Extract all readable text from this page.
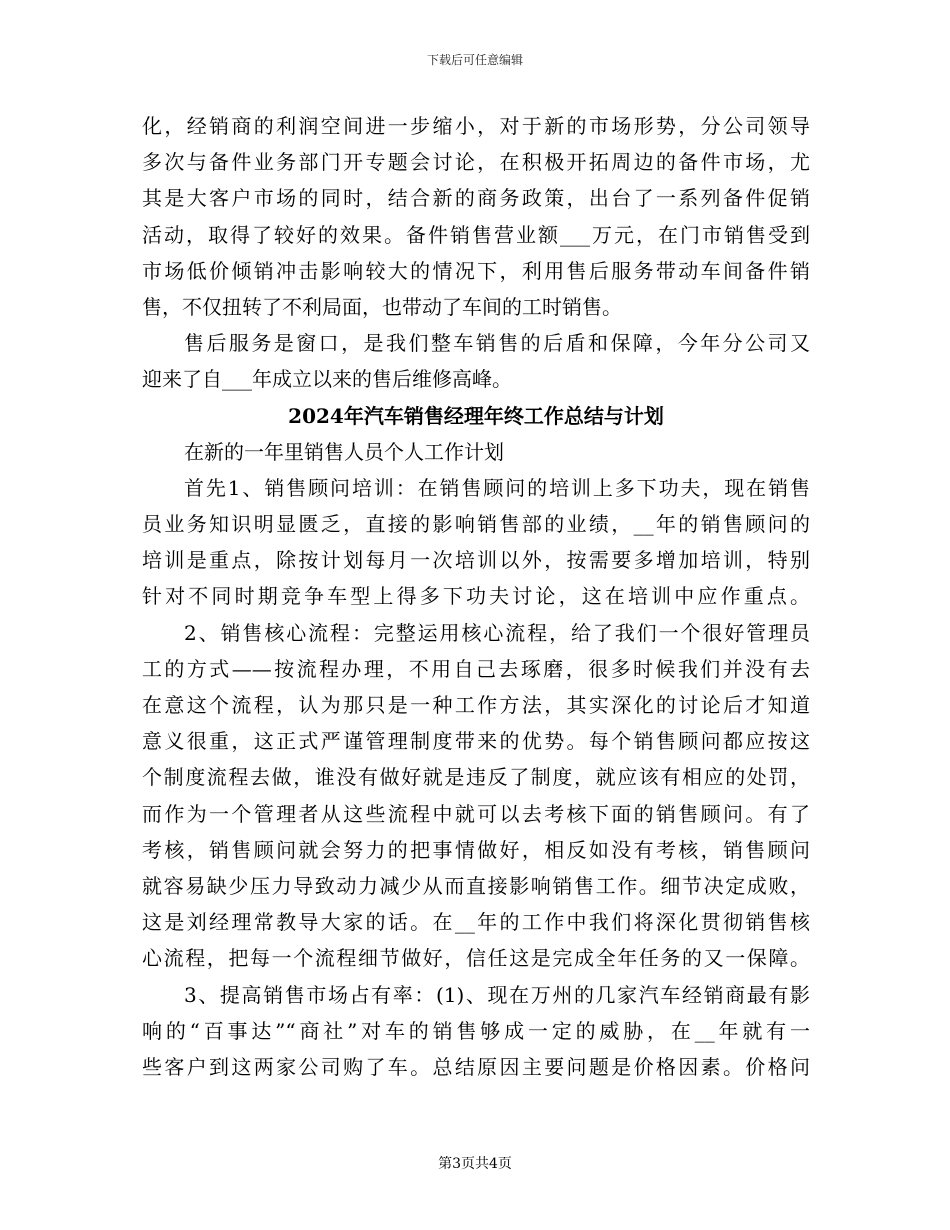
下载后可任意编辑
化，经销商的利润空间进一步缩小，对于新的市场形势，分公司领导
多次与备件业务部门开专题会讨论，在积极开拓周边的备件市场，尤
其是大客户市场的同时，结合新的商务政策，出台了一系列备件促销
活动，取得了较好的效果。备件销售营业额___万元，在门市销售受到
市场低价倾销冲击影响较大的情况下，利用售后服务带动车间备件销
售，不仅扭转了不利局面，也带动了车间的工时销售。
售后服务是窗口，是我们整车销售的后盾和保障，今年分公司又
迎来了自___年成立以来的售后维修高峰。
2024年汽车销售经理年终工作总结与计划
在新的一年里销售人员个人工作计划
首先1、销售顾问培训：在销售顾问的培训上多下功夫，现在销售
员业务知识明显匮乏，直接的影响销售部的业绩，__年的销售顾问的
培训是重点，除按计划每月一次培训以外，按需要多增加培训，特别
针对不同时期竞争车型上得多下功夫讨论，这在培训中应作重点。
2、销售核心流程：完整运用核心流程，给了我们一个很好管理员
工的方式——按流程办理，不用自己去琢磨，很多时候我们并没有去
在意这个流程，认为那只是一种工作方法，其实深化的讨论后才知道
意义很重，这正式严谨管理制度带来的优势。每个销售顾问都应按这
个制度流程去做，谁没有做好就是违反了制度，就应该有相应的处罚，
而作为一个管理者从这些流程中就可以去考核下面的销售顾问。有了
考核，销售顾问就会努力的把事情做好，相反如没有考核，销售顾问
就容易缺少压力导致动力减少从而直接影响销售工作。细节决定成败，
这是刘经理常教导大家的话。在__年的工作中我们将深化贯彻销售核
心流程，把每一个流程细节做好，信任这是完成全年任务的又一保障。
3、提高销售市场占有率：(1)、现在万州的几家汽车经销商最有影
响的“百事达”“商社”对车的销售够成一定的威胁，在__年就有一
些客户到这两家公司购了车。总结原因主要问题是价格因素。价格问
第3页共4页
